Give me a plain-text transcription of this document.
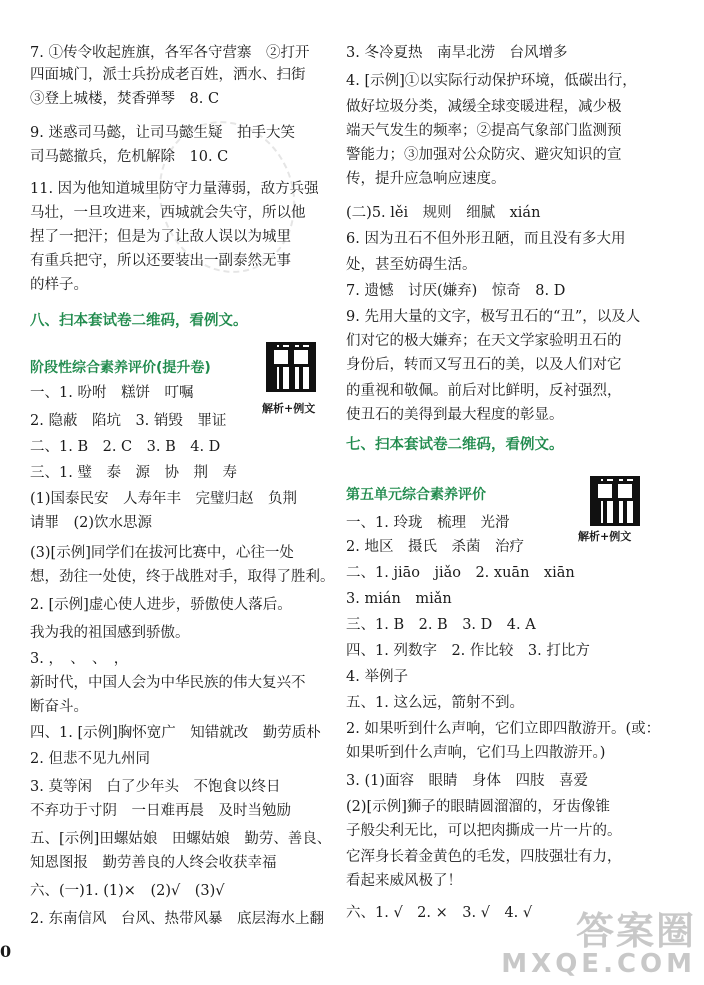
7. ①传令收起旌旗，各军各守营寨　②打开
四面城门，派士兵扮成老百姓，洒水、扫街
③登上城楼，焚香弹琴　8. C
9. 迷惑司马懿，让司马懿生疑　拍手大笑
司马懿撤兵，危机解除　10. C
11. 因为他知道城里防守力量薄弱，敌方兵强
马壮，一旦攻进来，西城就会失守，所以他
捏了一把汗；但是为了让敌人误以为城里
有重兵把守，所以还要装出一副泰然无事
的样子。
八、扫本套试卷二维码，看例文。
阶段性综合素养评价(提升卷)
解析+例文
一、1. 吩咐　糕饼　叮嘱
2. 隐蔽　陷坑　3. 销毁　罪证
二、1. B　2. C　3. B　4. D
三、1. 璧　泰　源　协　荆　寿
(1)国泰民安　人寿年丰　完璧归赵　负荆
请罪　(2)饮水思源
(3)[示例]同学们在拔河比赛中，心往一处
想，劲往一处使，终于战胜对手，取得了胜利。
2. [示例]虚心使人进步，骄傲使人落后。
我为我的祖国感到骄傲。
3. ，　、　、　，
新时代，中国人会为中华民族的伟大复兴不
断奋斗。
四、1. [示例]胸怀宽广　知错就改　勤劳质朴
2. 但悲不见九州同
3. 莫等闲　白了少年头　不饱食以终日
不弃功于寸阴　一日难再晨　及时当勉励
五、[示例]田螺姑娘　田螺姑娘　勤劳、善良、
知恩图报　勤劳善良的人终会收获幸福
六、(一)1. (1)×　(2)√　(3)√
2. 东南信风　台风、热带风暴　底层海水上翻
0
3. 冬冷夏热　南旱北涝　台风增多
4. [示例]①以实际行动保护环境，低碳出行，
做好垃圾分类，减缓全球变暖进程，减少极
端天气发生的频率；②提高气象部门监测预
警能力；③加强对公众防灾、避灾知识的宣
传，提升应急响应速度。
(二)5. lěi　规则　细腻　xián
6. 因为丑石不但外形丑陋，而且没有多大用
处，甚至妨碍生活。
7. 遗憾　讨厌(嫌弃)　惊奇　8. D
9. 先用大量的文字，极写丑石的“丑”，以及人
们对它的极大嫌弃；在天文学家验明丑石的
身份后，转而又写丑石的美，以及人们对它
的重视和敬佩。前后对比鲜明，反衬强烈，
使丑石的美得到最大程度的彰显。
七、扫本套试卷二维码，看例文。
第五单元综合素养评价
解析+例文
一、1. 玲珑　梳理　光滑
2. 地区　摄氏　杀菌　治疗
二、1. jiāo　jiǎo　2. xuān　xiān
3. mián　miǎn
三、1. B　2. B　3. D　4. A
四、1. 列数字　2. 作比较　3. 打比方
4. 举例子
五、1. 这么远，箭射不到。
2. 如果听到什么声响，它们立即四散游开。(或：
如果听到什么声响，它们马上四散游开。)
3. (1)面容　眼睛　身体　四肢　喜爱
(2)[示例]狮子的眼睛圆溜溜的，牙齿像锥
子般尖利无比，可以把肉撕成一片一片的。
它浑身长着金黄色的毛发，四肢强壮有力，
看起来威风极了！
六、1. √　2. ×　3. √　4. √	答案圈
MXQE.COM
